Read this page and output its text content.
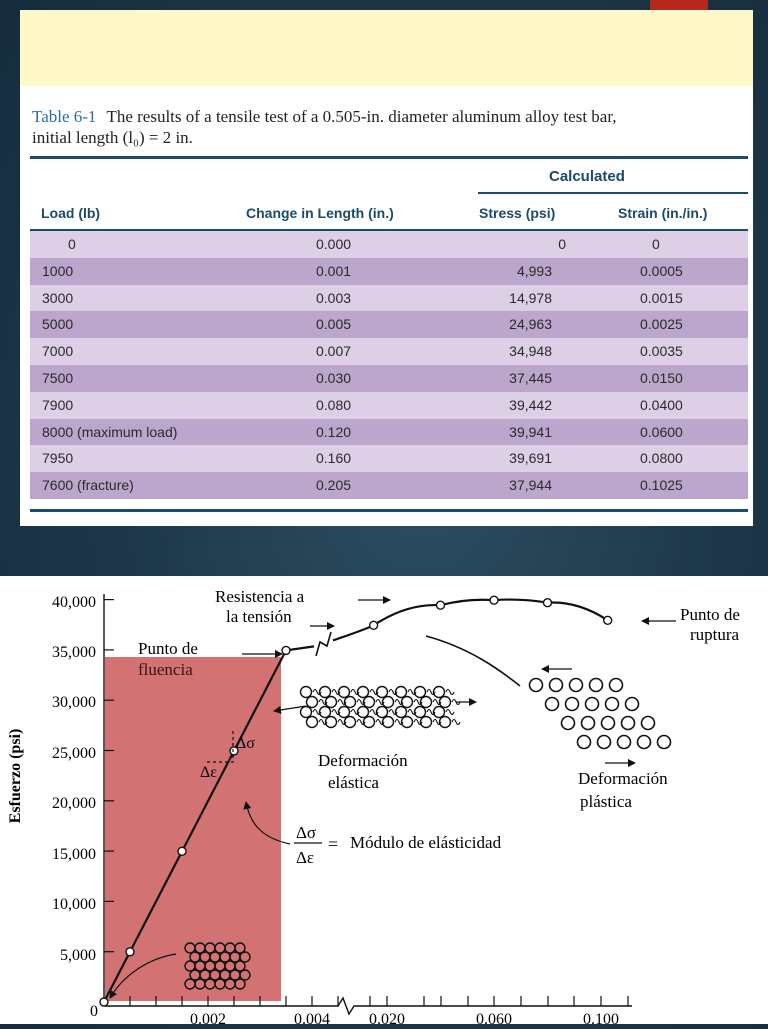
Table 6-1 The results of a tensile test of a 0.505-in. diameter aluminum alloy test bar,
initial length (l₀) = 2 in.
Calculated
Load (lb)	Change in Length (in.)	Stress (psi)	Strain (in./in.)
0	0.000	0	0
1000	0.001	4,993	0.0005
3000	0.003	14,978	0.0015
5000	0.005	24,963	0.0025
7000	0.007	34,948	0.0035
7500	0.030	37,445	0.0150
7900	0.080	39,442	0.0400
8000 (maximum load)	0.120	39,941	0.0600
7950	0.160	39,691	0.0800
7600 (fracture)	0.205	37,944	0.1025
Esfuerzo (psi)
0
5,000
10,000
15,000
20,000
25,000
30,000
35,000
40,000
0.002	0.004 0.020	0.060	0.100
Δσ
Δε
Resistencia a
la tensión	Punto de
ruptura
Punto de
fluencia
Deformación
elástica	Deformación
plástica
Δσ
Δε
= Módulo de elásticidad
